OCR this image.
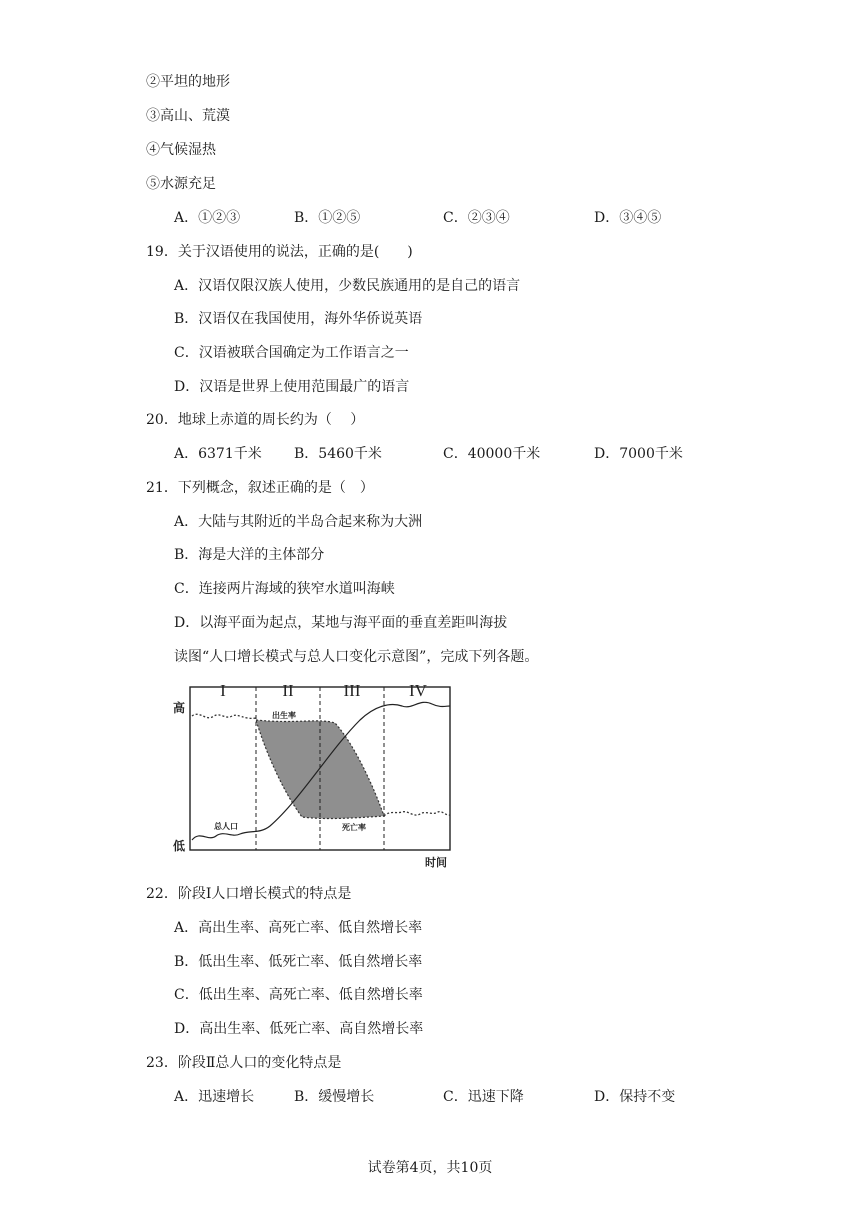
②平坦的地形
③高山、荒漠
④气候湿热
⑤水源充足
A．①②③	B．①②⑤	C．②③④	D．③④⑤
19．关于汉语使用的说法，正确的是(　　)
A．汉语仅限汉族人使用，少数民族通用的是自己的语言
B．汉语仅在我国使用，海外华侨说英语
C．汉语被联合国确定为工作语言之一
D．汉语是世界上使用范围最广的语言
20．地球上赤道的周长约为（　 ）
A．6371千米 B．5460千米	C．40000千米	D．7000千米
21．下列概念，叙述正确的是（　）
A．大陆与其附近的半岛合起来称为大洲
B．海是大洋的主体部分
C．连接两片海域的狭窄水道叫海峡
D．以海平面为起点，某地与海平面的垂直差距叫海拔
读图“人口增长模式与总人口变化示意图”，完成下列各题。
I	II	III	IV
高
低
时间
出生率
死亡率
总人口
22．阶段Ⅰ人口增长模式的特点是
A．高出生率、高死亡率、低自然增长率
B．低出生率、低死亡率、低自然增长率
C．低出生率、高死亡率、低自然增长率
D．高出生率、低死亡率、高自然增长率
23．阶段Ⅱ总人口的变化特点是
A．迅速增长	B．缓慢增长	C．迅速下降	D．保持不变
试卷第4页，共10页
